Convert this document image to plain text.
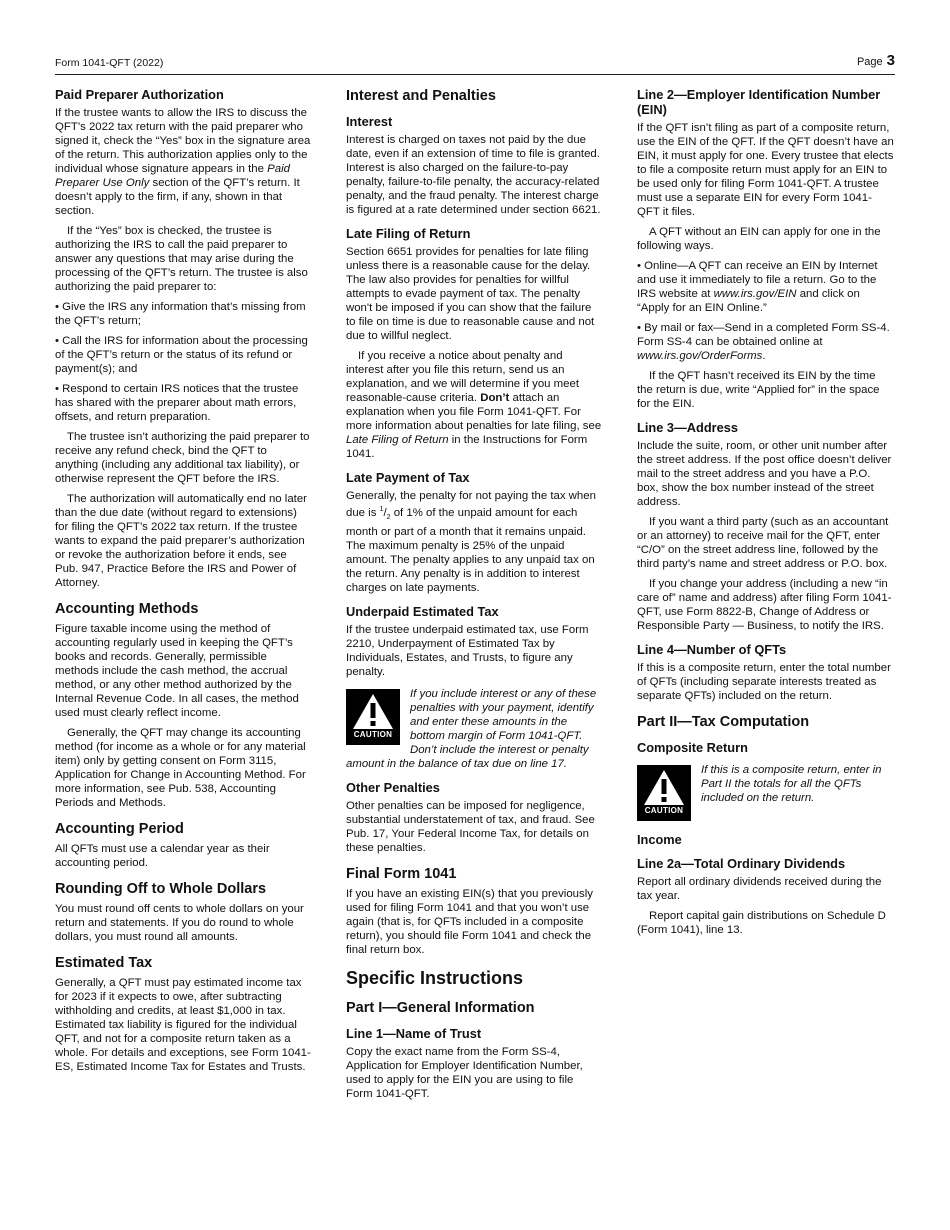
Form 1041-QFT (2022)	Page 3
Paid Preparer Authorization

If the trustee wants to allow the IRS to discuss the QFT’s 2022 tax return with the paid preparer who signed it, check the “Yes” box in the signature area of the return. This authorization applies only to the individual whose signature appears in the Paid Preparer Use Only section of the QFT’s return. It doesn’t apply to the firm, if any, shown in that section.

If the “Yes” box is checked, the trustee is authorizing the IRS to call the paid preparer to answer any questions that may arise during the processing of the QFT’s return. The trustee is also authorizing the paid preparer to:

• Give the IRS any information that’s missing from the QFT’s return;

• Call the IRS for information about the processing of the QFT’s return or the status of its refund or payment(s); and

• Respond to certain IRS notices that the trustee has shared with the preparer about math errors, offsets, and return preparation.

The trustee isn’t authorizing the paid preparer to receive any refund check, bind the QFT to anything (including any additional tax liability), or otherwise represent the QFT before the IRS.

The authorization will automatically end no later than the due date (without regard to extensions) for filing the QFT’s 2022 tax return. If the trustee wants to expand the paid preparer’s authorization or revoke the authorization before it ends, see Pub. 947, Practice Before the IRS and Power of Attorney.

Accounting Methods

Figure taxable income using the method of accounting regularly used in keeping the QFT’s books and records. Generally, permissible methods include the cash method, the accrual method, or any other method authorized by the Internal Revenue Code. In all cases, the method used must clearly reflect income.

Generally, the QFT may change its accounting method (for income as a whole or for any material item) only by getting consent on Form 3115, Application for Change in Accounting Method. For more information, see Pub. 538, Accounting Periods and Methods.

Accounting Period

All QFTs must use a calendar year as their accounting period.

Rounding Off to Whole Dollars

You must round off cents to whole dollars on your return and statements. If you do round to whole dollars, you must round all amounts.

Estimated Tax

Generally, a QFT must pay estimated income tax for 2023 if it expects to owe, after subtracting withholding and credits, at least $1,000 in tax. Estimated tax liability is figured for the individual QFT, and not for a composite return taken as a whole. For details and exceptions, see Form 1041-ES, Estimated Income Tax for Estates and Trusts.

Interest and Penalties
Interest

Interest is charged on taxes not paid by the due date, even if an extension of time to file is granted. Interest is also charged on the failure-to-pay penalty, failure-to-file penalty, the accuracy-related penalty, and the fraud penalty. The interest charge is figured at a rate determined under section 6621.

Late Filing of Return

Section 6651 provides for penalties for late filing unless there is a reasonable cause for the delay. The law also provides for penalties for willful attempts to evade payment of tax. The penalty won't be imposed if you can show that the failure to file on time is due to reasonable cause and not due to willful neglect.

If you receive a notice about penalty and interest after you file this return, send us an explanation, and we will determine if you meet reasonable-cause criteria. Don’t attach an explanation when you file Form 1041-QFT. For more information about penalties for late filing, see Late Filing of Return in the Instructions for Form 1041.

Late Payment of Tax

Generally, the penalty for not paying the tax when due is $^1/_2$ of 1% of the unpaid amount for each month or part of a month that it remains unpaid. The maximum penalty is 25% of the unpaid amount. The penalty applies to any unpaid tax on the return. Any penalty is in addition to interest charges on late payments.

Underpaid Estimated Tax

If the trustee underpaid estimated tax, use Form 2210, Underpayment of Estimated Tax by Individuals, Estates, and Trusts, to figure any penalty.

CAUTION
If you include interest or any of these penalties with your payment, identify and enter these amounts in the bottom margin of Form 1041-QFT. Don’t include the interest or penalty amount in the balance of tax due on line 17.
Other Penalties

Other penalties can be imposed for negligence, substantial understatement of tax, and fraud. See Pub. 17, Your Federal Income Tax, for details on these penalties.

Final Form 1041

If you have an existing EIN(s) that you previously used for filing Form 1041 and that you won’t use again (that is, for QFTs included in a composite return), you should file Form 1041 and check the final return box.

Specific Instructions
Part I—General Information
Line 1—Name of Trust

Copy the exact name from the Form SS-4, Application for Employer Identification Number, used to apply for the EIN you are using to file Form 1041-QFT.

Line 2—Employer Identification Number (EIN)

If the QFT isn’t filing as part of a composite return, use the EIN of the QFT. If the QFT doesn’t have an EIN, it must apply for one. Every trustee that elects to file a composite return must apply for an EIN to be used only for filing Form 1041-QFT. A trustee must use a separate EIN for every Form 1041-QFT it files.

A QFT without an EIN can apply for one in the following ways.

• Online—A QFT can receive an EIN by Internet and use it immediately to file a return. Go to the IRS website at www.irs.gov/EIN and click on “Apply for an EIN Online.”

• By mail or fax—Send in a completed Form SS-4. Form SS-4 can be obtained online at www.irs.gov/OrderForms.

If the QFT hasn’t received its EIN by the time the return is due, write “Applied for” in the space for the EIN.

Line 3—Address

Include the suite, room, or other unit number after the street address. If the post office doesn’t deliver mail to the street address and you have a P.O. box, show the box number instead of the street address.

If you want a third party (such as an accountant or an attorney) to receive mail for the QFT, enter “C/O” on the street address line, followed by the third party’s name and street address or P.O. box.

If you change your address (including a new “in care of” name and address) after filing Form 1041-QFT, use Form 8822-B, Change of Address or Responsible Party — Business, to notify the IRS.

Line 4—Number of QFTs

If this is a composite return, enter the total number of QFTs (including separate interests treated as separate QFTs) included on the return.

Part II—Tax Computation
Composite Return
CAUTION
If this is a composite return, enter in Part II the totals for all the QFTs included on the return.
Income
Line 2a—Total Ordinary Dividends

Report all ordinary dividends received during the tax year.

Report capital gain distributions on Schedule D (Form 1041), line 13.
